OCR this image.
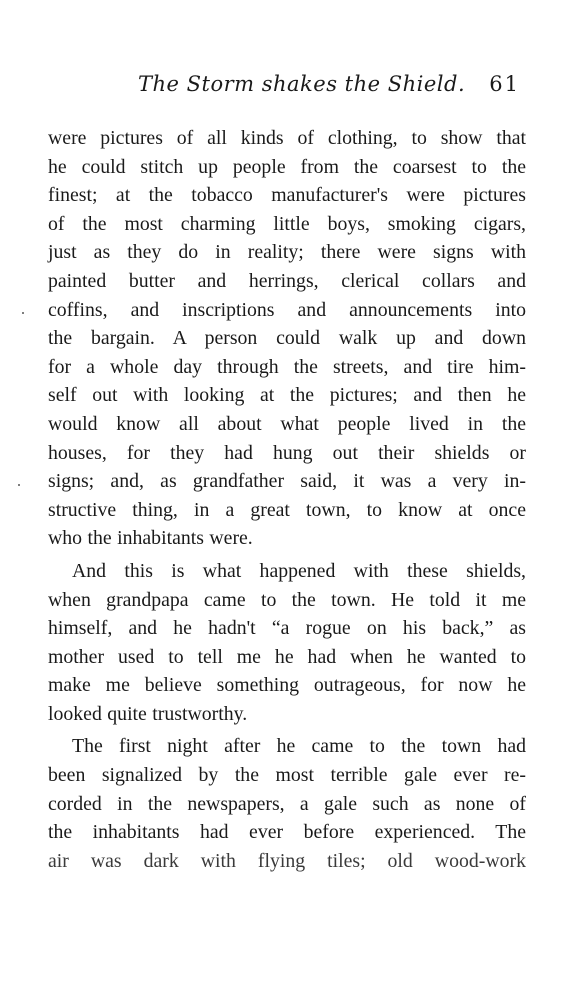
The Storm shakes the Shield. 61
were pictures of all kinds of clothing, to show that
he could stitch up people from the coarsest to the
finest; at the tobacco manufacturer's were pictures
of the most charming little boys, smoking cigars,
just as they do in reality; there were signs with
painted butter and herrings, clerical collars and
coffins, and inscriptions and announcements into
the bargain. A person could walk up and down
for a whole day through the streets, and tire him-
self out with looking at the pictures; and then he
would know all about what people lived in the
houses, for they had hung out their shields or
signs; and, as grandfather said, it was a very in-
structive thing, in a great town, to know at once
who the inhabitants were.
And this is what happened with these shields,
when grandpapa came to the town. He told it me
himself, and he hadn't “a rogue on his back,” as
mother used to tell me he had when he wanted to
make me believe something outrageous, for now he
looked quite trustworthy.
The first night after he came to the town had
been signalized by the most terrible gale ever re-
corded in the newspapers, a gale such as none of
the inhabitants had ever before experienced. The
air was dark with flying tiles; old wood-work
